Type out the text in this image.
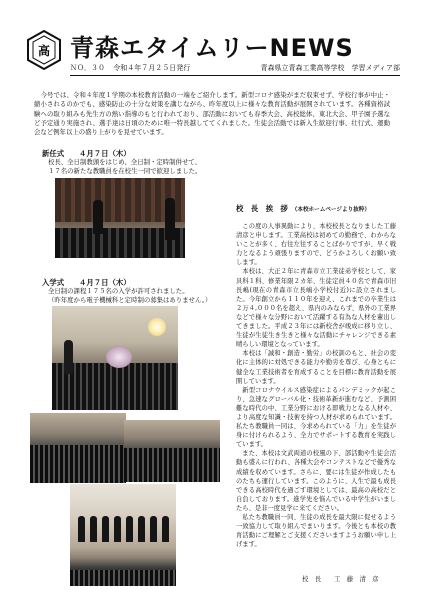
高 青森エタイムリーNEWS
ＮＯ．３０ 令和４年７月２５日発行	青森県立青森工業高等学校　学習メディア部
　今号では、令和４年度１学期の本校教育活動の一端をご紹介します。新型コロナ感染がまだ収束せず、学校行事が中止・縮小されるのかでも、感染防止の十分な対策を講じながら、昨年度以上に様々な教育活動が展開されています。各種資格試験への取り組みも先生方の熱い指導のもと行われており、部活動においても春季大会、高校総体、東北大会、甲子園予選など予定通り実施され、選手達は日頃のために唯一特長越しててくれました。生徒会活動では新入生歓迎行事、壮行式、運動会など例年以上の盛り上がりを見せています。
新任式　　４月７日（木）
校長、全日制教頭をはじめ、全日制・定時制併せて、
１７名の新たな教職員を在校生一同で歓迎しました。
入学式　　４月７日（木）
全日制の課程１７５名の入学が許可されました。
（昨年度から電子機械科と定時制の募集はありません。）
校　長　挨　拶 （本校ホームページより抜粋）

この度の人事異動により、本校校長となりました工藤清彦と申します。工業高校は初めての勤務で、わからないことが多く、右往左往することばかりですが、早く戦力となるよう頑張りますので、どうかよろしくお願い致します。

本校は、大正２年に青森市立工業徒弟学校として、家具科１科、修業年限２カ年、生徒定員４０名で青森市旧長嶋(現在の青森市立長嶋小学校付近)に設立されました。今年創立から１１０年を迎え、これまでの卒業生は２万４,０００名を超え、県内のみならず、県外の工業界などで様々な分野において活躍する有為な人材を輩出してきました。平成２３年には新校舎が竣成に移り立し、生徒が生徒生き生きと様々な活動にチャレンジできる素晴らしい環境となっています。

本校は「誠和・創造・勤労」の校訓のもと、社会の変化に主体的に対処できる能力や勤労を尊び、心身ともに健全な工業技術者を育成することを目標に教育活動を展開しています。

新型コロナウイルス感染症によるパンデミックが起こり、急速なグローバル化・技術革新が進むなど、予測困難な時代の中、工業分野における即戦力となる人材や、より高度な知識・技術を持つ人材が求められています。私たち教職員一同は、今求められている「力」を生徒が身に付けられるよう、全力でサポートする教育を実践しています。

また、本校は文武両道の校風の下、部活動や生徒会活動も盛んに行われ、各種大会やコンテストなどで優秀な成績を収めています。さらに、要には生徒が作成したものたちも運行しています。このように、人生で最も成長できる高校時代を過ごす環境としては、最高の高校だと自負しております。進学先を悩んでいる中学生がいましたら、是非一度見学に来てください。

私たち教職員一同、生徒の成長を最大限に促せるよう一致協力して取り組んでまいります。今後とも本校の教育活動にご理解とご支援くださいますようお願い申し上げます。

校　長　　工　藤　清　彦
